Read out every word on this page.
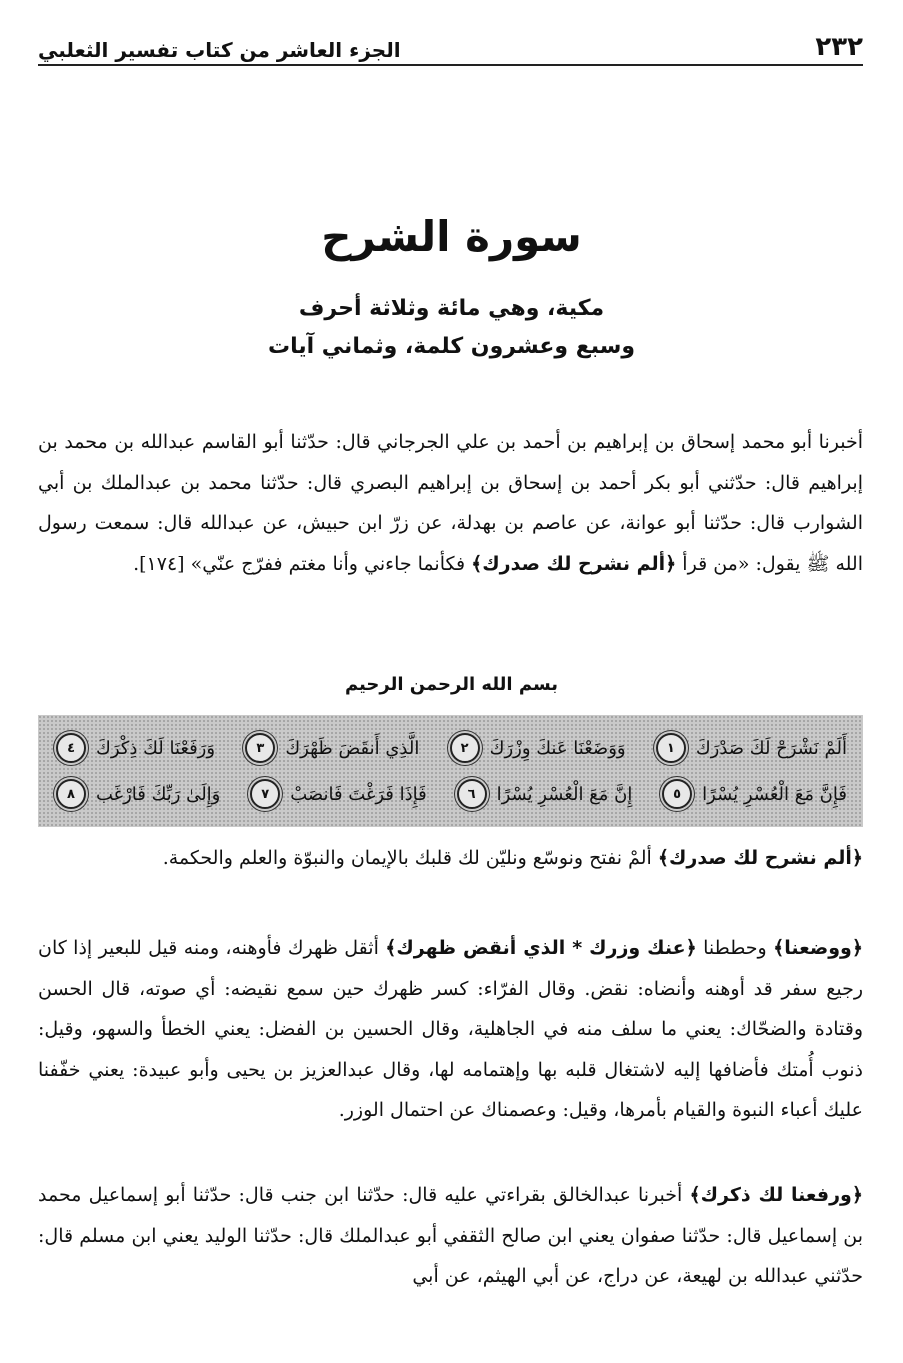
٢٣٢
الجزء العاشر من كتاب تفسير الثعلبي
سورة الشرح
مكية، وهي مائة وثلاثة أحرف
وسبع وعشرون كلمة، وثماني آيات
أخبرنا أبو محمد إسحاق بن إبراهيم بن أحمد بن علي الجرجاني قال: حدّثنا أبو القاسم عبدالله بن محمد بن إبراهيم قال: حدّثني أبو بكر أحمد بن إسحاق بن إبراهيم البصري قال: حدّثنا محمد بن عبدالملك بن أبي الشوارب قال: حدّثنا أبو عوانة، عن عاصم بن بهدلة، عن زرّ ابن حبيش، عن عبدالله قال: سمعت رسول الله ﷺ يقول: «من قرأ ﴿ألم نشرح لك صدرك﴾ فكأنما جاءني وأنا مغتم ففرّج عنّي» [١٧٤].
بسم الله الرحمن الرحيم
أَلَمْ نَشْرَحْ لَكَ صَدْرَكَ
١
وَوَضَعْنَا عَنكَ وِزْرَكَ
٢
الَّذِي أَنقَضَ ظَهْرَكَ
٣
وَرَفَعْنَا لَكَ ذِكْرَكَ
٤
فَإِنَّ مَعَ الْعُسْرِ يُسْرًا
٥
إِنَّ مَعَ الْعُسْرِ يُسْرًا
٦
فَإِذَا فَرَغْتَ فَانصَبْ
٧
وَإِلَىٰ رَبِّكَ فَارْغَب
٨
﴿ألم نشرح لك صدرك﴾ ألمْ نفتح ونوسّع ونليّن لك قلبك بالإيمان والنبوّة والعلم والحكمة.
﴿ووضعنا﴾ وحططنا ﴿عنك وزرك * الذي أنقض ظهرك﴾ أثقل ظهرك فأوهنه، ومنه قيل للبعير إذا كان رجيع سفر قد أوهنه وأنضاه: نقض. وقال الفرّاء: كسر ظهرك حين سمع نقيضه: أي صوته، قال الحسن وقتادة والضحّاك: يعني ما سلف منه في الجاهلية، وقال الحسين بن الفضل: يعني الخطأ والسهو، وقيل: ذنوب أُمتك فأضافها إليه لاشتغال قلبه بها وإهتمامه لها، وقال عبدالعزيز بن يحيى وأبو عبيدة: يعني خفّفنا عليك أعباء النبوة والقيام بأمرها، وقيل: وعصمناك عن احتمال الوزر.
﴿ورفعنا لك ذكرك﴾ أخبرنا عبدالخالق بقراءتي عليه قال: حدّثنا ابن جنب قال: حدّثنا أبو إسماعيل محمد بن إسماعيل قال: حدّثنا صفوان يعني ابن صالح الثقفي أبو عبدالملك قال: حدّثنا الوليد يعني ابن مسلم قال: حدّثني عبدالله بن لهيعة، عن دراج، عن أبي الهيثم، عن أبي
